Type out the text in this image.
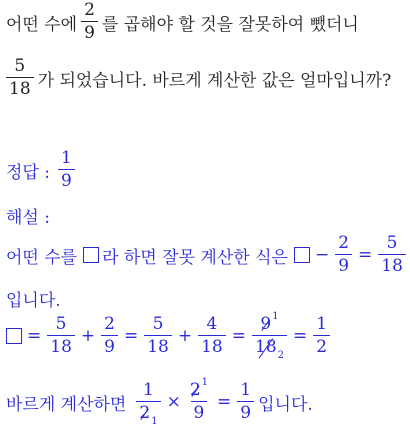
어떤 수에 $\frac{2}{9}$ 를 곱해야 할 것을 잘못하여 뺐더니
$\frac{5}{18}$ 가 되었습니다. 바르게 계산한 값은 얼마입니까?
정답 : $\frac{1}{9}$
해설 :
어떤 수를 라 하면 잘못 계산한 식은 − $\frac{2}{9} = \frac{5}{18}$
입니다.
= $\frac{5}{18} + \frac{2}{9} = \frac{5}{18} + \frac{4}{18} = \frac{9^1}{18_2} = \frac{1}{2}$
바르게 계산하면 $\frac{1}{2_1} \times \frac{2^1}{9} = \frac{1}{9}$ 입니다.
